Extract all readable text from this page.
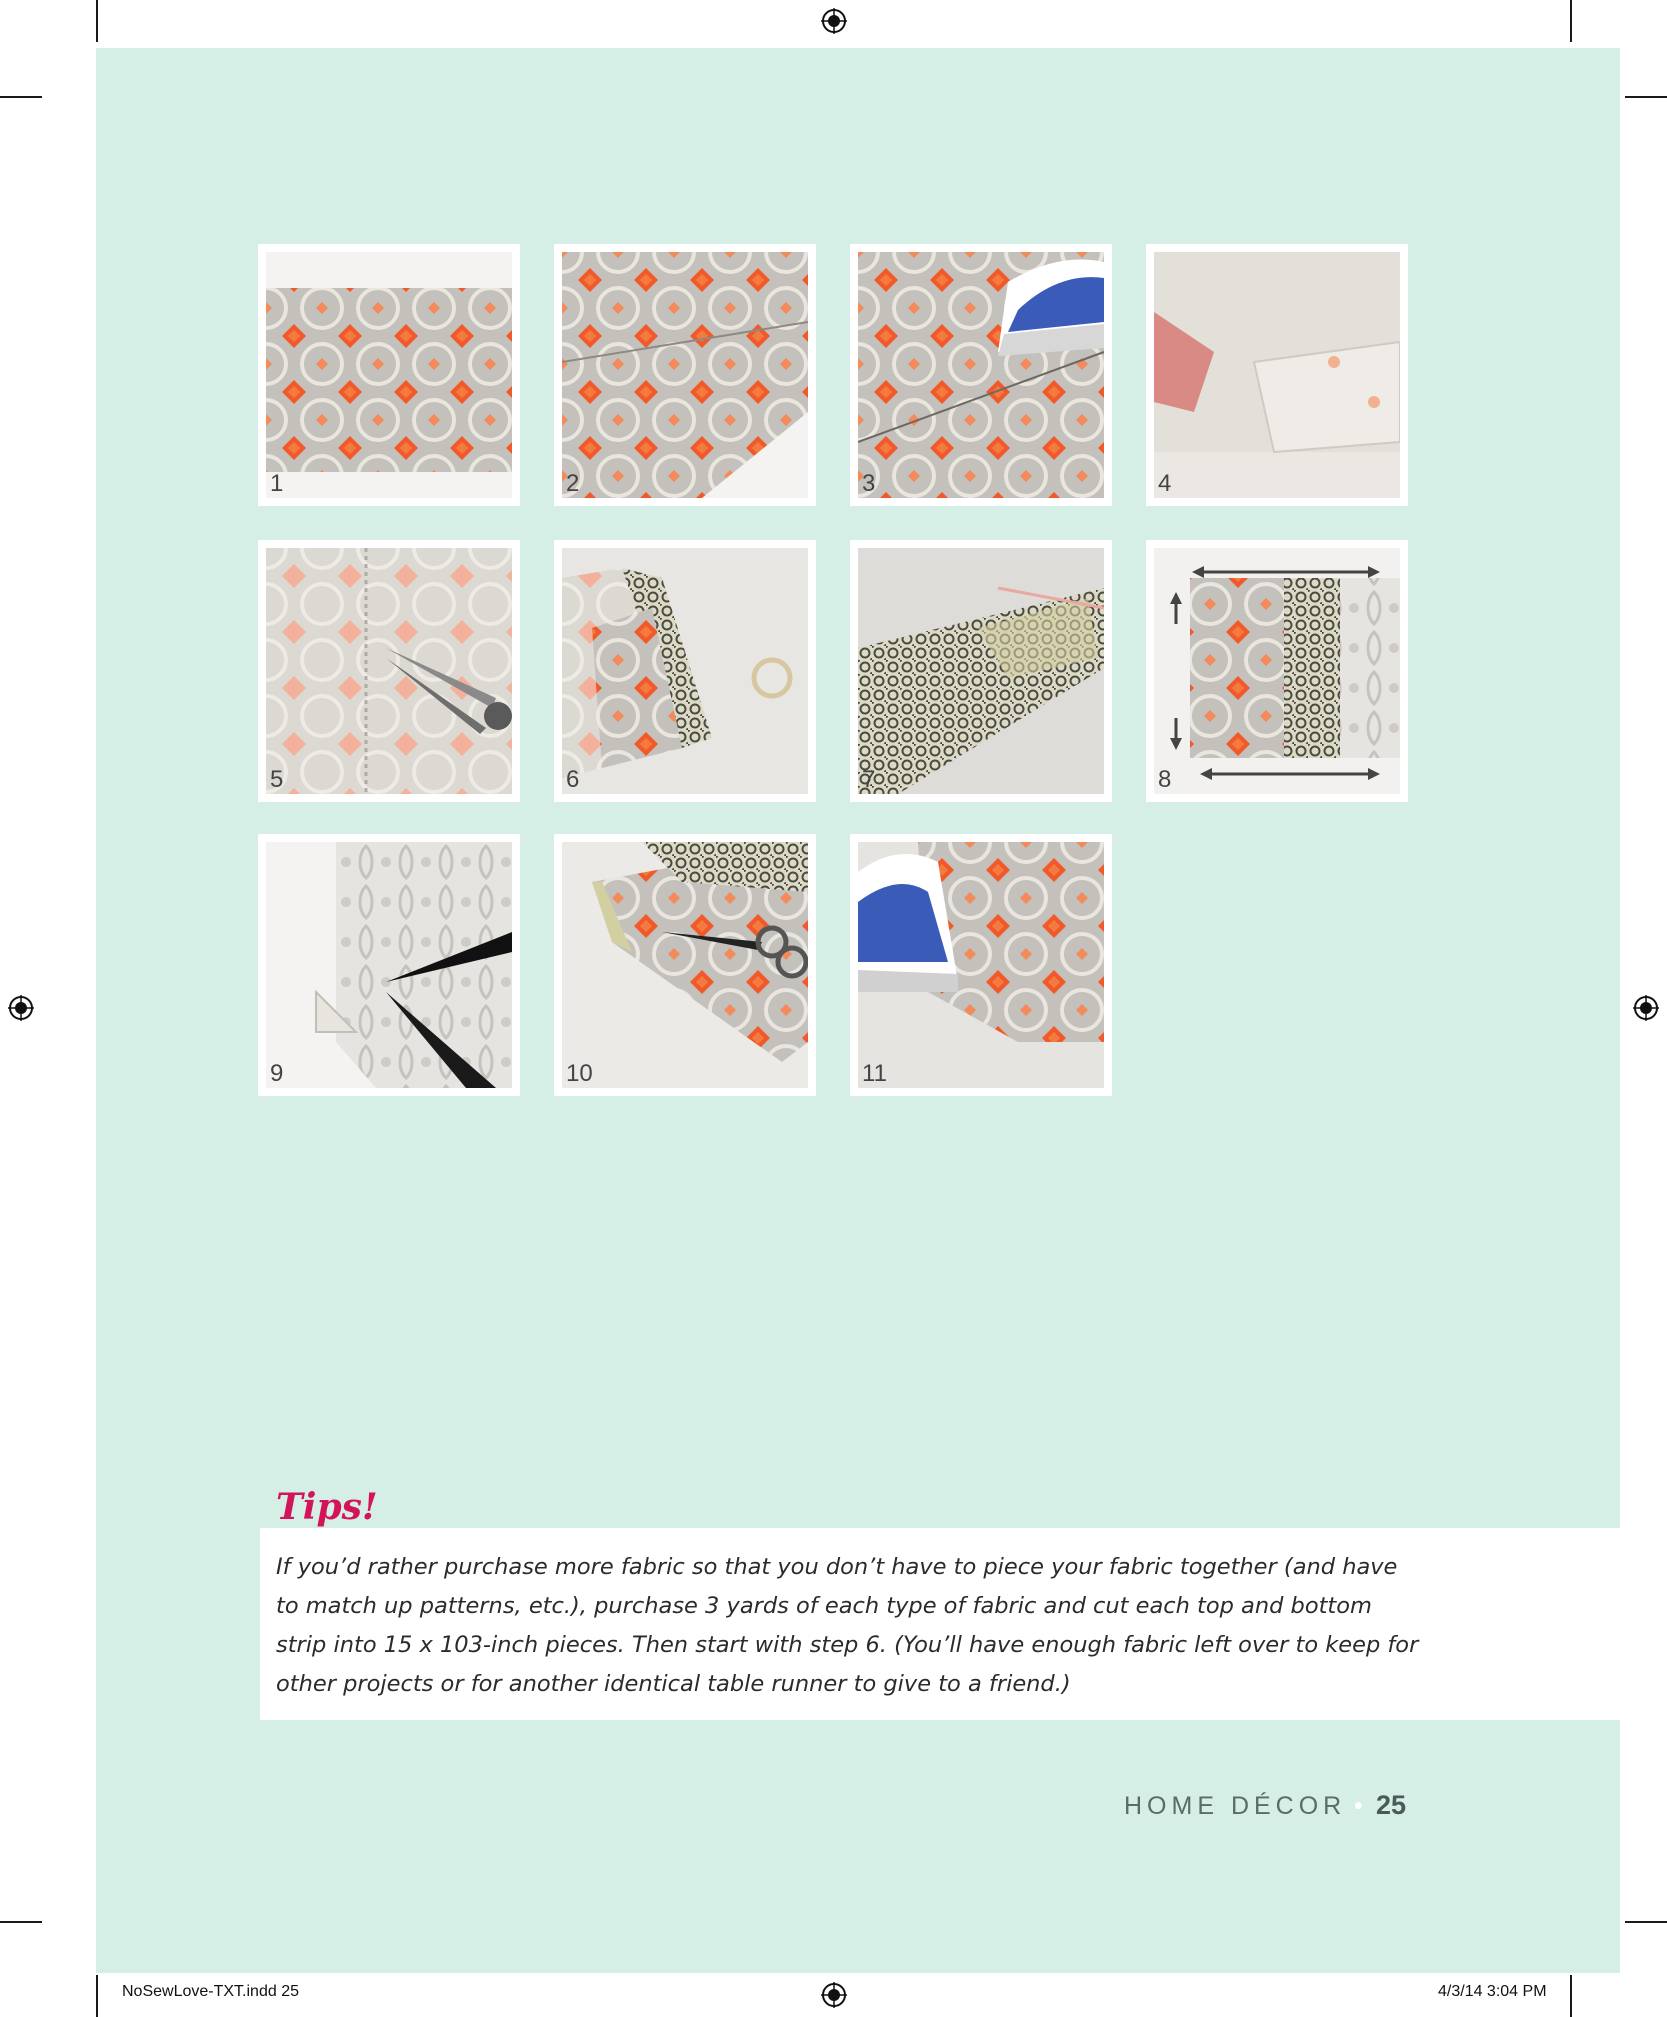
1	2	3	4
5	6	7	8
9	10	11
Tips!
If you’d rather purchase more fabric so that you don’t have to piece your fabric together (and have to match up patterns, etc.), purchase 3 yards of each type of fabric and cut each top and bottom strip into 15 x 103-inch pieces. Then start with step 6. (You’ll have enough fabric left over to keep for other projects or for another identical table runner to give to a friend.)
HOME DÉCOR • 25
NoSewLove-TXT.indd 25	4/3/14 3:04 PM
